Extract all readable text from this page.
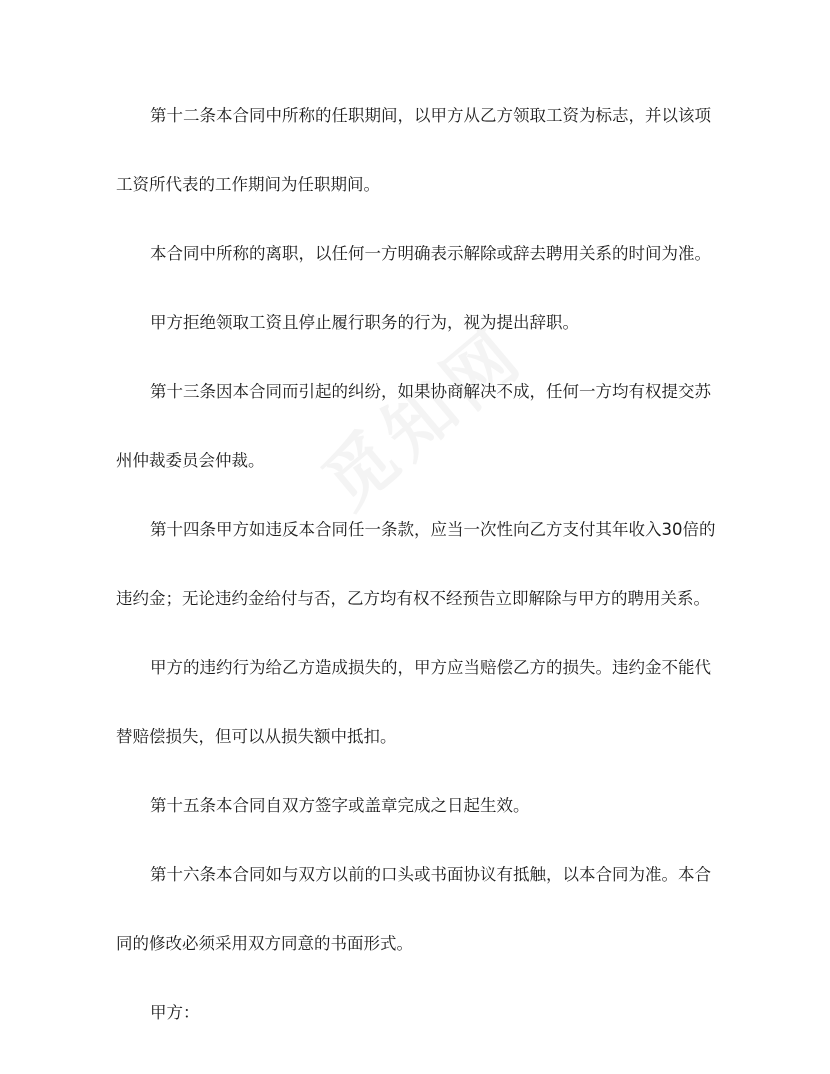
第十二条本合同中所称的任职期间，以甲方从乙方领取工资为标志，并以该项

工资所代表的工作期间为任职期间。

本合同中所称的离职，以任何一方明确表示解除或辞去聘用关系的时间为准。

甲方拒绝领取工资且停止履行职务的行为，视为提出辞职。

第十三条因本合同而引起的纠纷，如果协商解决不成，任何一方均有权提交苏

州仲裁委员会仲裁。

第十四条甲方如违反本合同任一条款，应当一次性向乙方支付其年收入30倍的

违约金；无论违约金给付与否，乙方均有权不经预告立即解除与甲方的聘用关系。

甲方的违约行为给乙方造成损失的，甲方应当赔偿乙方的损失。违约金不能代

替赔偿损失，但可以从损失额中抵扣。

第十五条本合同自双方签字或盖章完成之日起生效。

第十六条本合同如与双方以前的口头或书面协议有抵触，以本合同为准。本合

同的修改必须采用双方同意的书面形式。

甲方：
